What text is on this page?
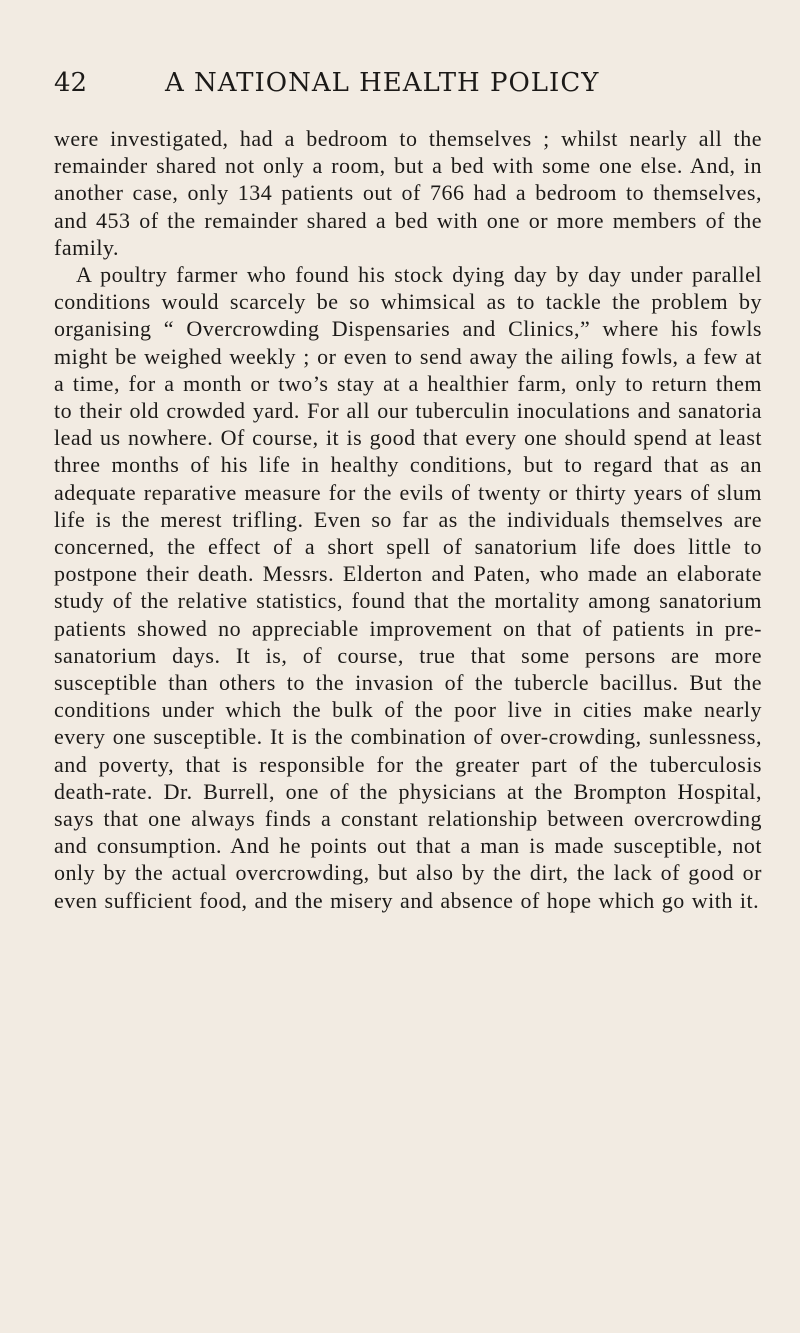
42	A NATIONAL HEALTH POLICY

were investigated, had a bedroom to themselves ; whilst nearly all the remainder shared not only a room, but a bed with some one else. And, in another case, only 134 patients out of 766 had a bedroom to themselves, and 453 of the remainder shared a bed with one or more members of the family.

A poultry farmer who found his stock dying day by day under parallel conditions would scarcely be so whimsical as to tackle the problem by organising “ Overcrowding Dispensaries and Clinics,” where his fowls might be weighed weekly ; or even to send away the ailing fowls, a few at a time, for a month or two’s stay at a healthier farm, only to return them to their old crowded yard. For all our tuberculin inoculations and sanatoria lead us nowhere. Of course, it is good that every one should spend at least three months of his life in healthy conditions, but to regard that as an adequate reparative measure for the evils of twenty or thirty years of slum life is the merest trifling. Even so far as the individuals themselves are concerned, the effect of a short spell of sanatorium life does little to postpone their death. Messrs. Elderton and Paten, who made an elaborate study of the relative statistics, found that the mortality among sanatorium patients showed no appreciable improvement on that of patients in pre-sanatorium days. It is, of course, true that some persons are more susceptible than others to the invasion of the tubercle bacillus. But the conditions under which the bulk of the poor live in cities make nearly every one susceptible. It is the combination of over-crowding, sunlessness, and poverty, that is responsible for the greater part of the tuberculosis death-rate. Dr. Burrell, one of the physicians at the Brompton Hospital, says that one always finds a constant relationship between overcrowding and consumption. And he points out that a man is made susceptible, not only by the actual overcrowding, but also by the dirt, the lack of good or even sufficient food, and the misery and absence of hope which go with it.
